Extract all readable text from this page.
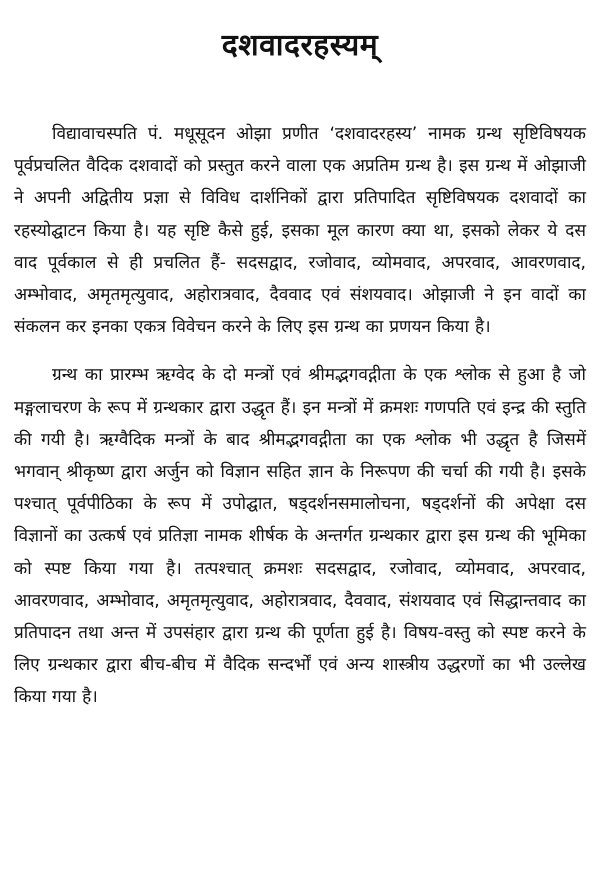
दशवादरहस्यम्

विद्यावाचस्पति पं. मधूसूदन ओझा प्रणीत ‘दशवादरहस्य’ नामक ग्रन्थ सृष्टिविषयक पूर्वप्रचलित वैदिक दशवादों को प्रस्तुत करने वाला एक अप्रतिम ग्रन्थ है। इस ग्रन्थ में ओझाजी ने अपनी अद्वितीय प्रज्ञा से विविध दार्शनिकों द्वारा प्रतिपादित सृष्टिविषयक दशवादों का रहस्योद्घाटन किया है। यह सृष्टि कैसे हुई, इसका मूल कारण क्या था, इसको लेकर ये दस वाद पूर्वकाल से ही प्रचलित हैं- सदसद्वाद, रजोवाद, व्योमवाद, अपरवाद, आवरणवाद, अम्भोवाद, अमृतमृत्युवाद, अहोरात्रवाद, दैववाद एवं संशयवाद। ओझाजी ने इन वादों का संकलन कर इनका एकत्र विवेचन करने के लिए इस ग्रन्थ का प्रणयन किया है।

ग्रन्थ का प्रारम्भ ऋग्वेद के दो मन्त्रों एवं श्रीमद्भगवद्गीता के एक श्लोक से हुआ है जो मङ्गलाचरण के रूप में ग्रन्थकार द्वारा उद्धृत हैं। इन मन्त्रों में क्रमशः गणपति एवं इन्द्र की स्तुति की गयी है। ऋग्वैदिक मन्त्रों के बाद श्रीमद्भगवद्गीता का एक श्लोक भी उद्धृत है जिसमें भगवान् श्रीकृष्ण द्वारा अर्जुन को विज्ञान सहित ज्ञान के निरूपण की चर्चा की गयी है। इसके पश्चात् पूर्वपीठिका के रूप में उपोद्घात, षड्दर्शनसमालोचना, षड्दर्शनों की अपेक्षा दस विज्ञानों का उत्कर्ष एवं प्रतिज्ञा नामक शीर्षक के अन्तर्गत ग्रन्थकार द्वारा इस ग्रन्थ की भूमिका को स्पष्ट किया गया है। तत्पश्चात् क्रमशः सदसद्वाद, रजोवाद, व्योमवाद, अपरवाद, आवरणवाद, अम्भोवाद, अमृतमृत्युवाद, अहोरात्रवाद, दैववाद, संशयवाद एवं सिद्धान्तवाद का प्रतिपादन तथा अन्त में उपसंहार द्वारा ग्रन्थ की पूर्णता हुई है। विषय-वस्तु को स्पष्ट करने के लिए ग्रन्थकार द्वारा बीच-बीच में वैदिक सन्दर्भों एवं अन्य शास्त्रीय उद्धरणों का भी उल्लेख किया गया है।
